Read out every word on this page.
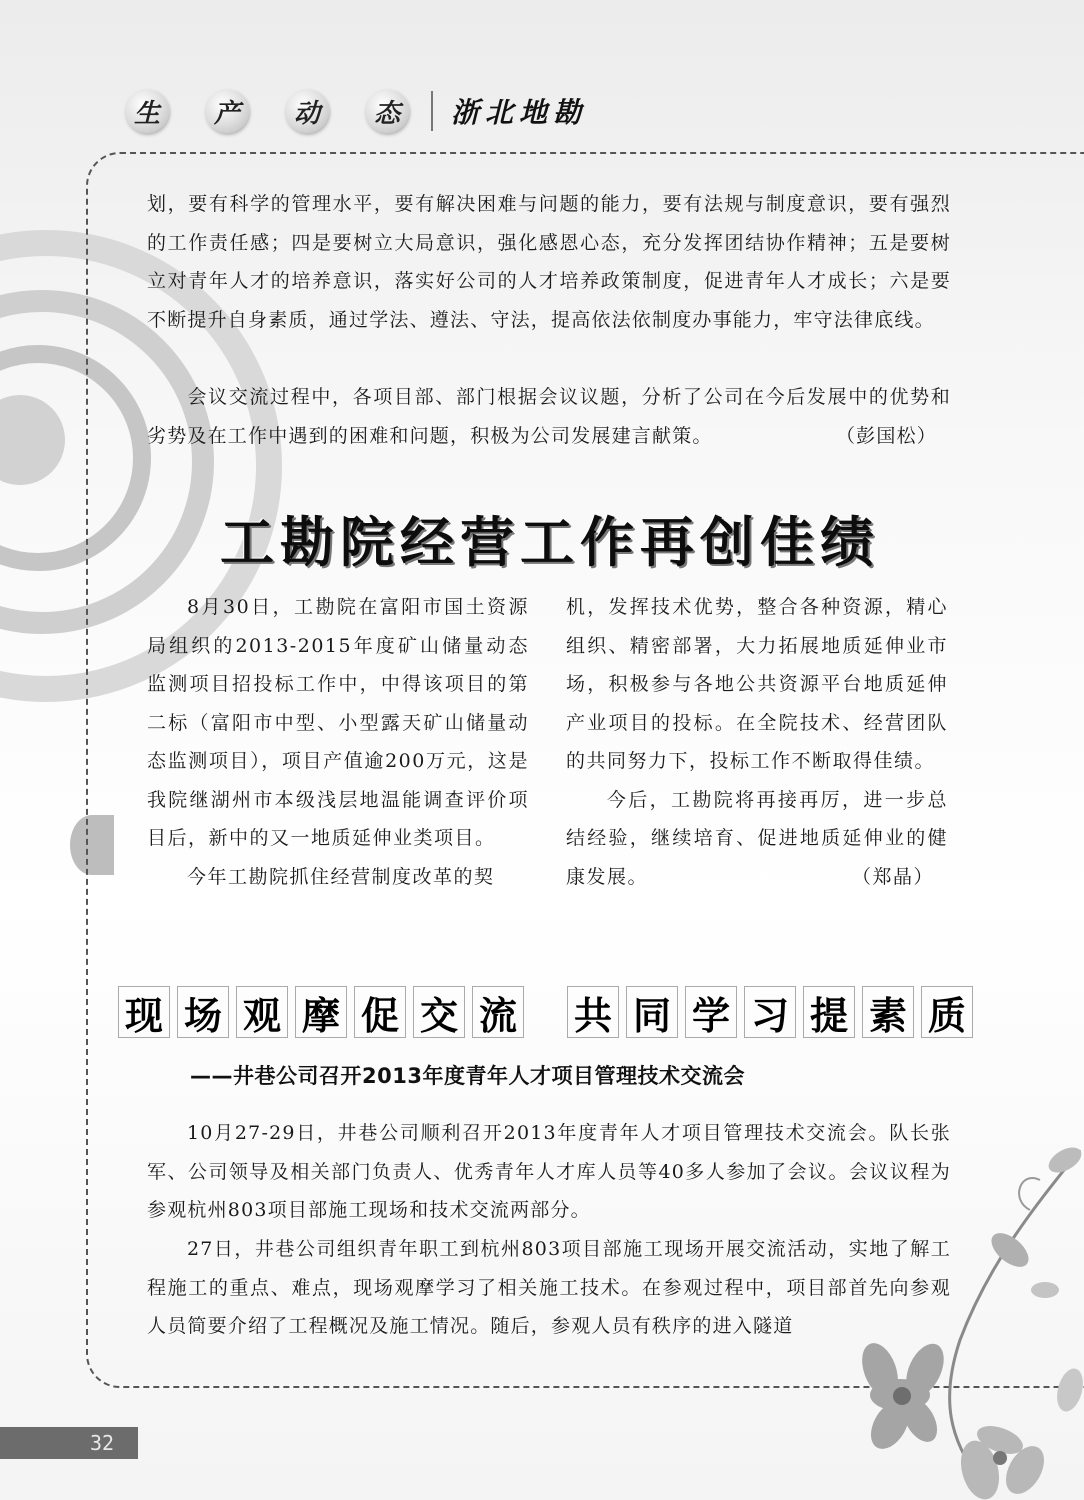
生	产	动	态	浙北地勘

划，要有科学的管理水平，要有解决困难与问题的能力，要有法规与制度意识，要有强烈的工作责任感；四是要树立大局意识，强化感恩心态，充分发挥团结协作精神；五是要树立对青年人才的培养意识，落实好公司的人才培养政策制度，促进青年人才成长；六是要不断提升自身素质，通过学法、遵法、守法，提高依法依制度办事能力，牢守法律底线。

会议交流过程中，各项目部、部门根据会议议题，分析了公司在今后发展中的优势和劣势及在工作中遇到的困难和问题，积极为公司发展建言献策。	（彭国松）

工勘院经营工作再创佳绩

8月30日，工勘院在富阳市国土资源局组织的2013-2015年度矿山储量动态监测项目招投标工作中，中得该项目的第二标（富阳市中型、小型露天矿山储量动态监测项目），项目产值逾200万元，这是我院继湖州市本级浅层地温能调查评价项目后，新中的又一地质延伸业类项目。

今年工勘院抓住经营制度改革的契

机，发挥技术优势，整合各种资源，精心组织、精密部署，大力拓展地质延伸业市场，积极参与各地公共资源平台地质延伸产业项目的投标。在全院技术、经营团队的共同努力下，投标工作不断取得佳绩。

今后，工勘院将再接再厉，进一步总结经验，继续培育、促进地质延伸业的健康发展。	（郑晶）

现 场 观 摩 促 交 流 共 同 学 习 提 素 质
——井巷公司召开2013年度青年人才项目管理技术交流会

10月27-29日，井巷公司顺利召开2013年度青年人才项目管理技术交流会。队长张军、公司领导及相关部门负责人、优秀青年人才库人员等40多人参加了会议。会议议程为参观杭州803项目部施工现场和技术交流两部分。

27日，井巷公司组织青年职工到杭州803项目部施工现场开展交流活动，实地了解工程施工的重点、难点，现场观摩学习了相关施工技术。在参观过程中，项目部首先向参观人员简要介绍了工程概况及施工情况。随后，参观人员有秩序的进入隧道

32
